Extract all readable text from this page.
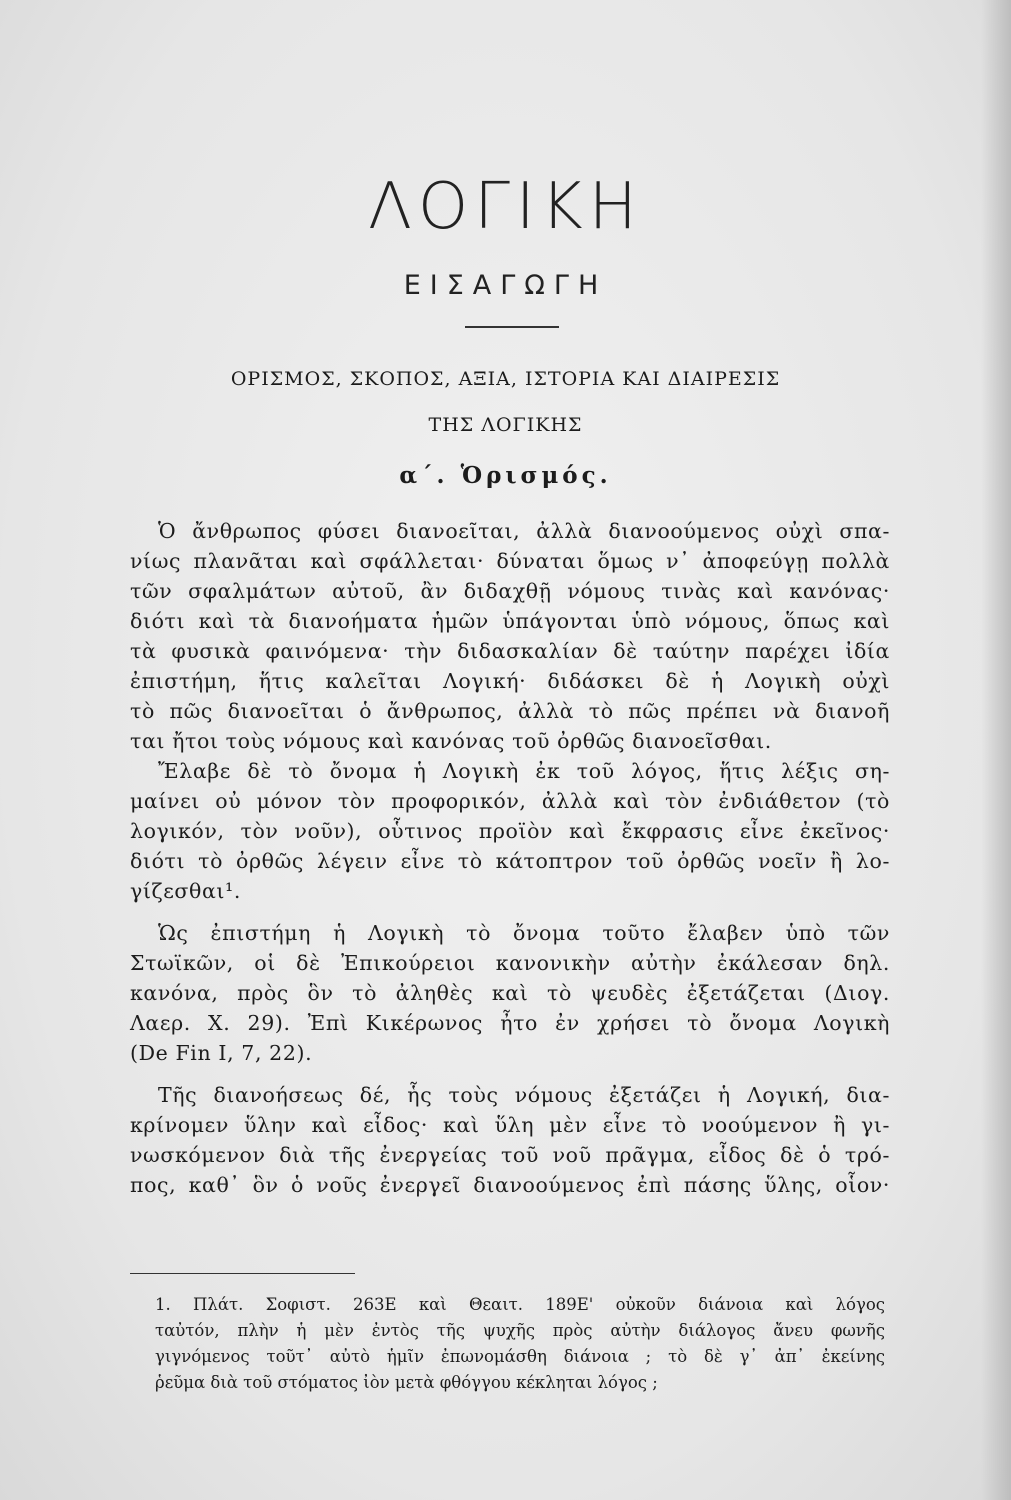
ΛΟΓΙΚΗ
ΕΙΣΑΓΩΓΗ
ΟΡΙΣΜΟΣ, ΣΚΟΠΟΣ, ΑΞΙΑ, ΙΣΤΟΡΙΑ ΚΑΙ ΔΙΑΙΡΕΣΙΣ
ΤΗΣ ΛΟΓΙΚΗΣ
α΄. Ὁρισμός.
Ὁ ἄνθρωπος φύσει διανοεῖται, ἀλλὰ διανοούμενος οὐχὶ σπα-
νίως πλανᾶται καὶ σφάλλεται· δύναται ὅμως ν᾿ ἀποφεύγῃ πολλὰ
τῶν σφαλμάτων αὐτοῦ, ἂν διδαχθῇ νόμους τινὰς καὶ κανόνας·
διότι καὶ τὰ διανοήματα ἡμῶν ὑπάγονται ὑπὸ νόμους, ὅπως καὶ
τὰ φυσικὰ φαινόμενα· τὴν διδασκαλίαν δὲ ταύτην παρέχει ἰδία
ἐπιστήμη, ἥτις καλεῖται Λογική· διδάσκει δὲ ἡ Λογικὴ οὐχὶ
τὸ πῶς διανοεῖται ὁ ἄνθρωπος, ἀλλὰ τὸ πῶς πρέπει νὰ διανοῆ
ται ἤτοι τοὺς νόμους καὶ κανόνας τοῦ ὀρθῶς διανοεῖσθαι.
Ἔλαβε δὲ τὸ ὄνομα ἡ Λογικὴ ἐκ τοῦ λόγος, ἥτις λέξις ση-
μαίνει οὐ μόνον τὸν προφορικόν, ἀλλὰ καὶ τὸν ἐνδιάθετον (τὸ
λογικόν, τὸν νοῦν), οὗτινος προϊὸν καὶ ἔκφρασις εἶνε ἐκεῖνος·
διότι τὸ ὀρθῶς λέγειν εἶνε τὸ κάτοπτρον τοῦ ὀρθῶς νοεῖν ἢ λο-
γίζεσθαι¹.
Ὡς ἐπιστήμη ἡ Λογικὴ τὸ ὄνομα τοῦτο ἔλαβεν ὑπὸ τῶν
Στωϊκῶν, οἱ δὲ Ἐπικούρειοι κανονικὴν αὐτὴν ἐκάλεσαν δηλ.
κανόνα, πρὸς ὃν τὸ ἀληθὲς καὶ τὸ ψευδὲς ἐξετάζεται (Διογ.
Λαερ. X. 29). Ἐπὶ Κικέρωνος ἦτο ἐν χρήσει τὸ ὄνομα Λογικὴ
(De Fin I, 7, 22).
Τῆς διανοήσεως δέ, ἧς τοὺς νόμους ἐξετάζει ἡ Λογική, δια-
κρίνομεν ὕλην καὶ εἶδος· καὶ ὕλη μὲν εἶνε τὸ νοούμενον ἢ γι-
νωσκόμενον διὰ τῆς ἐνεργείας τοῦ νοῦ πρᾶγμα, εἶδος δὲ ὁ τρό-
πος, καθ᾿ ὃν ὁ νοῦς ἐνεργεῖ διανοούμενος ἐπὶ πάσης ὕλης, οἷον·
1. Πλάτ. Σοφιστ. 263Ε καὶ Θεαιτ. 189Ε' οὐκοῦν διάνοια καὶ λόγος
ταὐτόν, πλὴν ἡ μὲν ἐντὸς τῆς ψυχῆς πρὸς αὐτὴν διάλογος ἄνευ φωνῆς
γιγνόμενος τοῦτ᾿ αὐτὸ ἡμῖν ἐπωνομάσθη διάνοια ; τὸ δὲ γ᾿ ἀπ᾿ ἐκείνης
ῥεῦμα διὰ τοῦ στόματος ἰὸν μετὰ φθόγγου κέκληται λόγος ;
